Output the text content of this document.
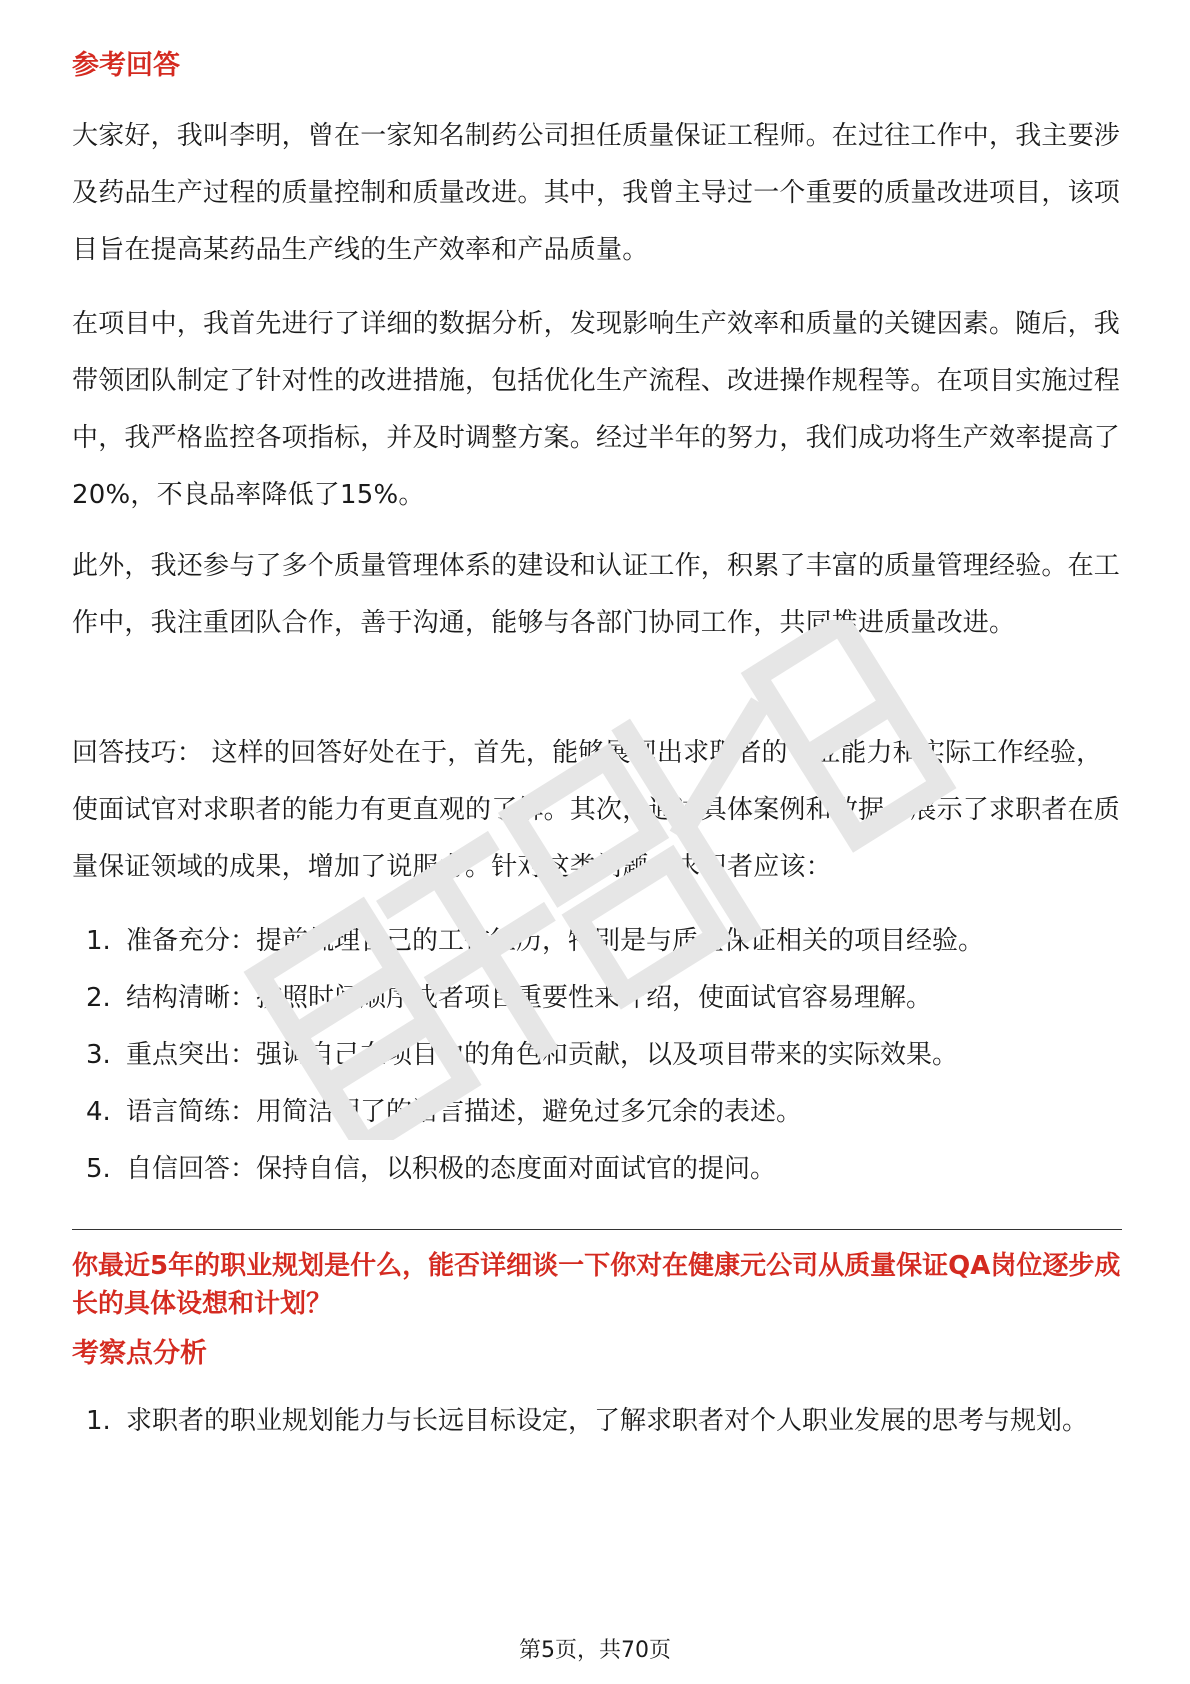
参考回答

大家好，我叫李明，曾在一家知名制药公司担任质量保证工程师。在过往工作中，我主要涉及药品生产过程的质量控制和质量改进。其中，我曾主导过一个重要的质量改进项目，该项目旨在提高某药品生产线的生产效率和产品质量。

在项目中，我首先进行了详细的数据分析，发现影响生产效率和质量的关键因素。随后，我带领团队制定了针对性的改进措施，包括优化生产流程、改进操作规程等。在项目实施过程中，我严格监控各项指标，并及时调整方案。经过半年的努力，我们成功将生产效率提高了20%，不良品率降低了15%。

此外，我还参与了多个质量管理体系的建设和认证工作，积累了丰富的质量管理经验。在工作中，我注重团队合作，善于沟通，能够与各部门协同工作，共同推进质量改进。

回答技巧： 这样的回答好处在于，首先，能够展现出求职者的专业能力和实际工作经验，使面试官对求职者的能力有更直观的了解。其次，通过具体案例和数据，展示了求职者在质量保证领域的成果，增加了说服力。针对这类问题，求职者应该：

1. 准备充分：提前梳理自己的工作经历，特别是与质量保证相关的项目经验。
2. 结构清晰：按照时间顺序或者项目重要性来介绍，使面试官容易理解。
3. 重点突出：强调自己在项目中的角色和贡献，以及项目带来的实际效果。
4. 语言简练：用简洁明了的语言描述，避免过多冗余的表述。
5. 自信回答：保持自信，以积极的态度面对面试官的提问。
你最近5年的职业规划是什么，能否详细谈一下你对在健康元公司从质量保证QA岗位逐步成长的具体设想和计划？
考察点分析
1. 求职者的职业规划能力与长远目标设定，了解求职者对个人职业发展的思考与规划。
第5页，共70页
